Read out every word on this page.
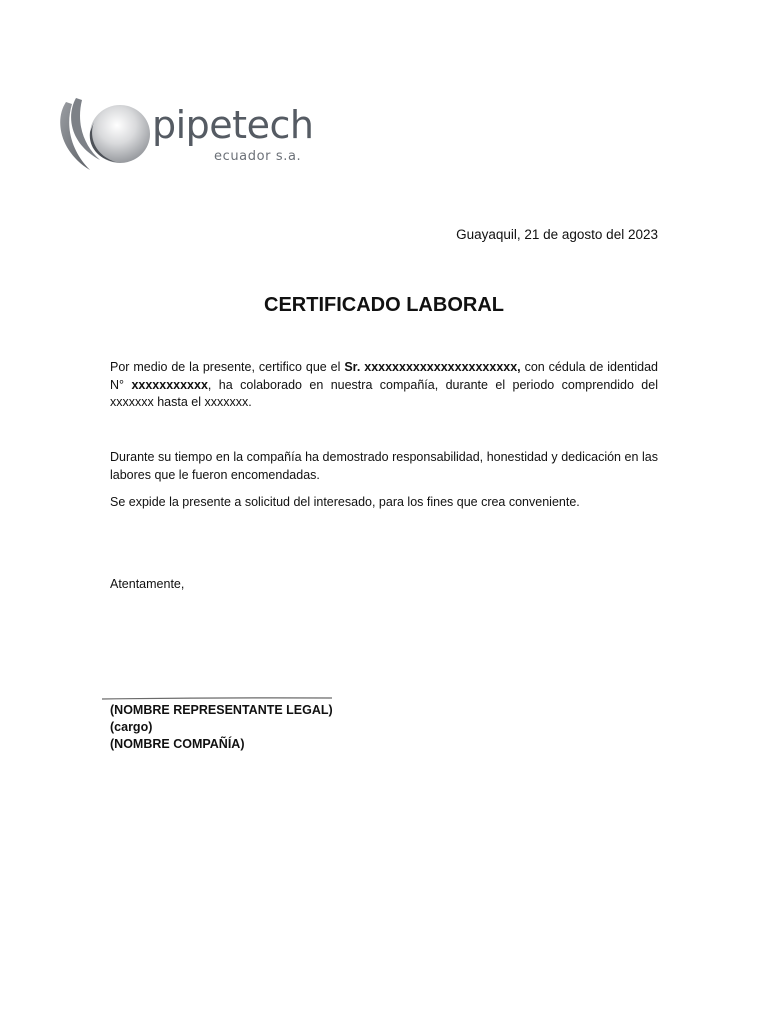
pipetech
ecuador s.a.
Guayaquil, 21 de agosto del 2023
CERTIFICADO LABORAL
Por medio de la presente, certifico que el Sr. xxxxxxxxxxxxxxxxxxxxxx, con cédula de identidad N° xxxxxxxxxxx, ha colaborado en nuestra compañía, durante el periodo comprendido del xxxxxxx hasta el xxxxxxx.
Durante su tiempo en la compañía ha demostrado responsabilidad, honestidad y dedicación en las labores que le fueron encomendadas.
Se expide la presente a solicitud del interesado, para los fines que crea conveniente.
Atentamente,
(NOMBRE REPRESENTANTE LEGAL)
(cargo)
(NOMBRE COMPAÑÍA)
